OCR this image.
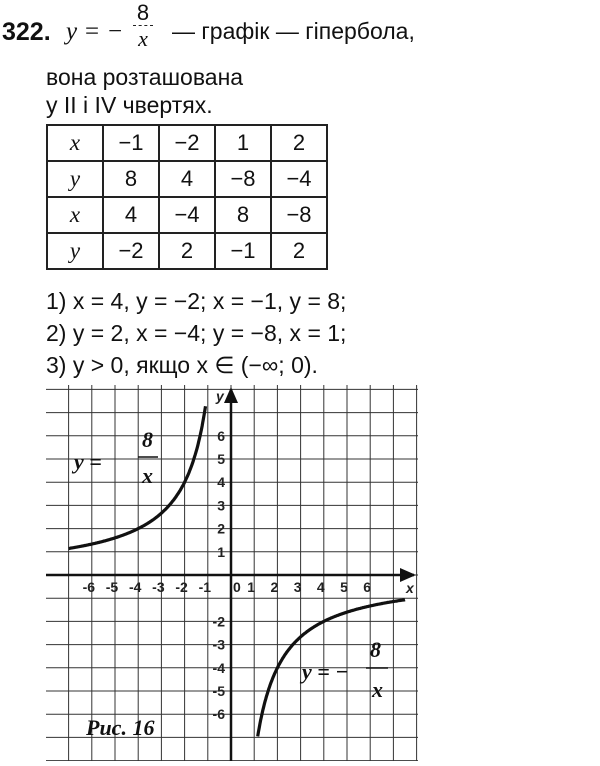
322. y = −
8
x	— графік — гіпербола,
вона розташована
у II і IV чвертях.
x	−1	−2	1	2
y	8	4	−8	−4
x	4	−4	8	−8
y	−2	2	−1	2
1) x = 4, y = −2; x = −1, y = 8;
2) y = 2, x = −4; y = −8, x = 1;
3) y > 0, якщо x ∈ (−∞; 0).
-6 -5 -4 -3 -2 -1	1 2 3 4 5 6
6
5
4
3
2
1
-2
-3
-4
-5
-6
0	x
y
y =
8
x
y = −
8
x
Рис. 16
